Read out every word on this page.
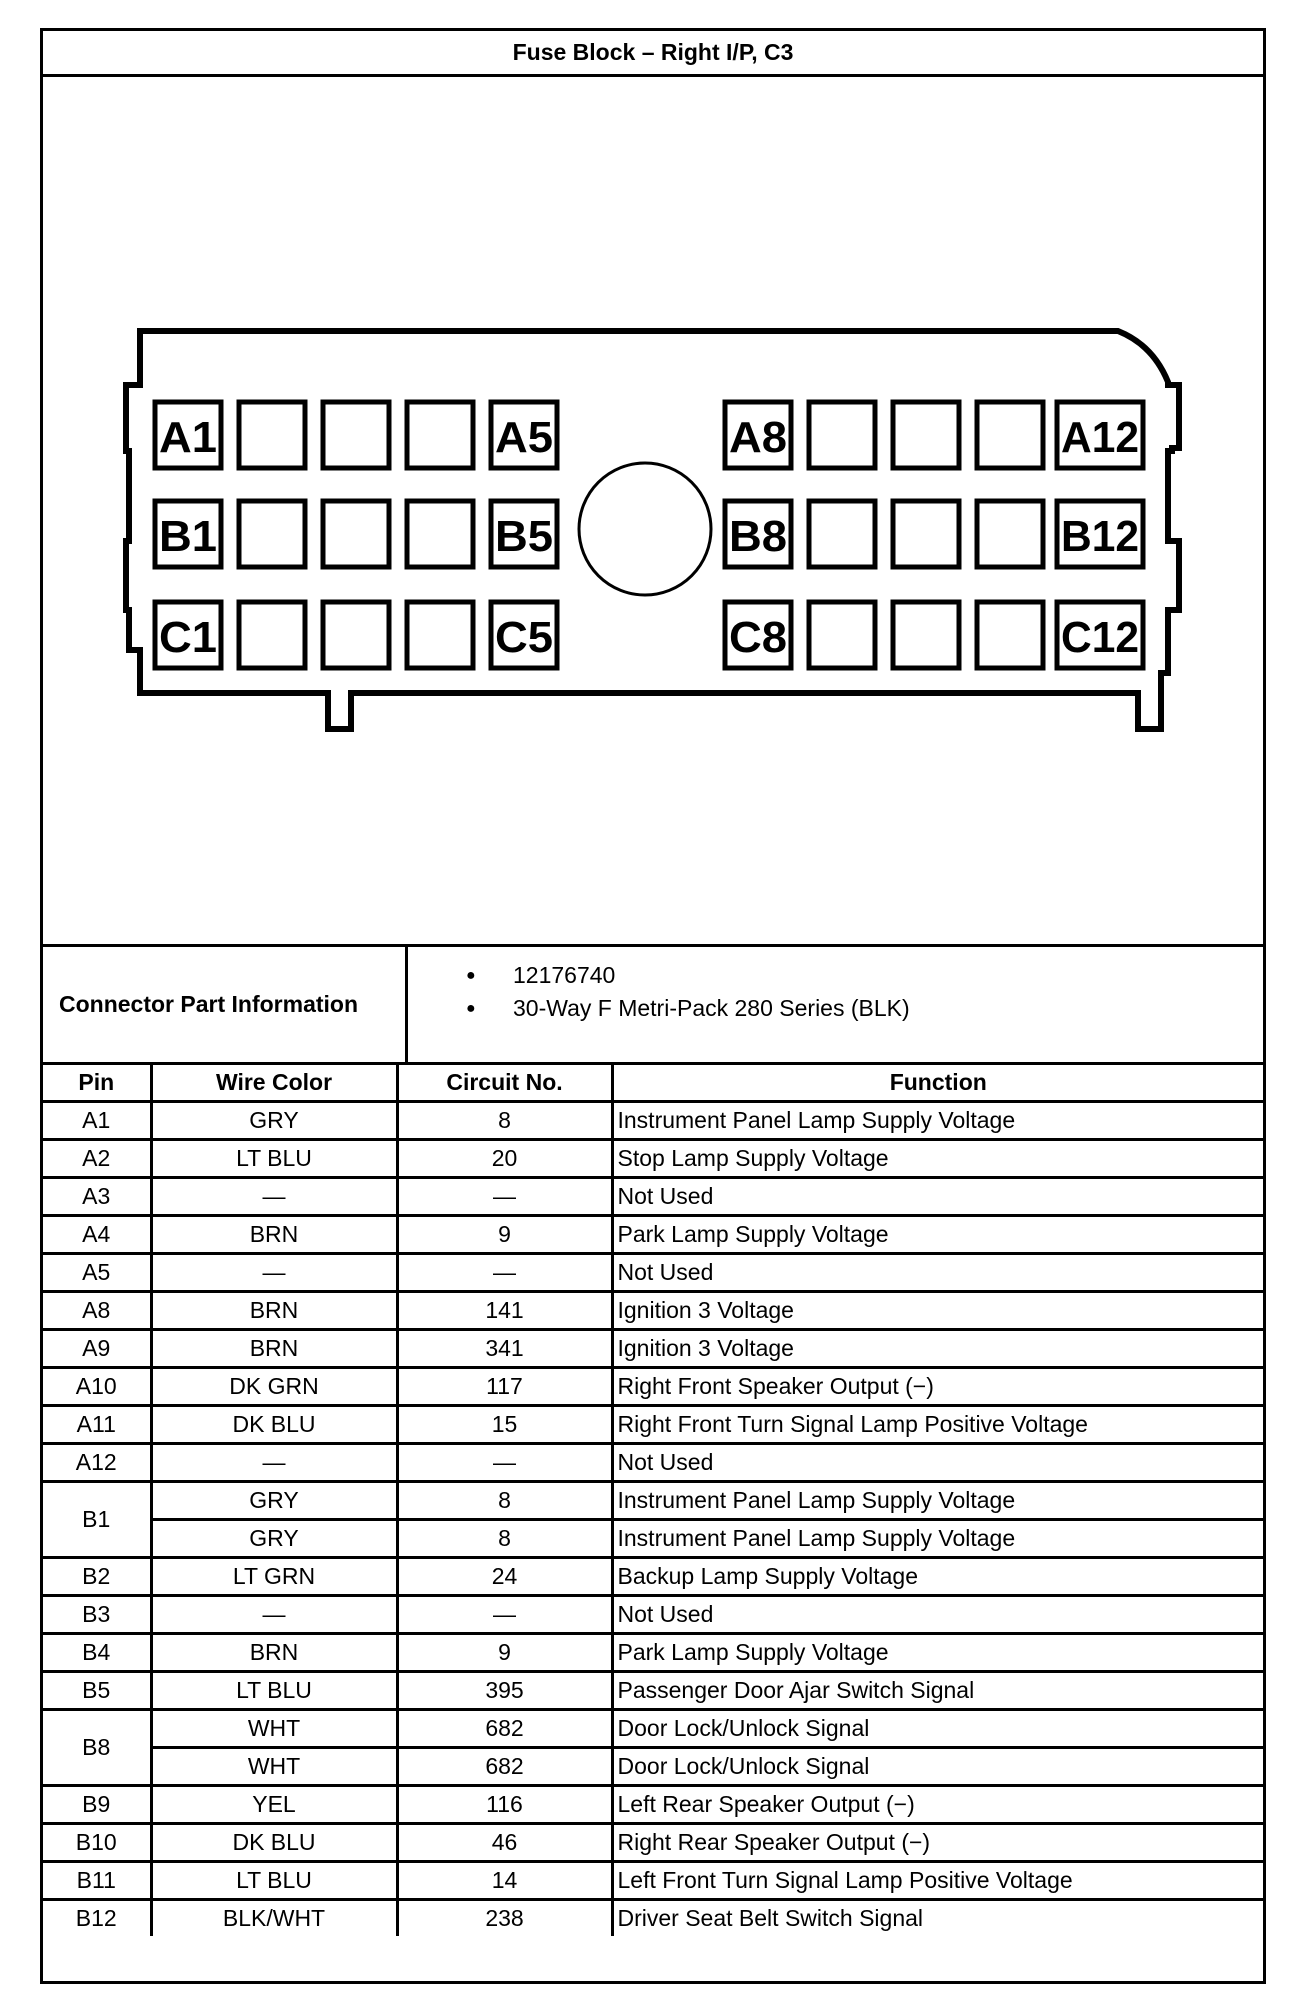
Fuse Block – Right I/P, C3
A1	A5	A8	A12
B1	B5	B8	B12
C1	C5	C8	C12
Connector Part Information
● 12176740
● 30-Way F Metri-Pack 280 Series (BLK)
Pin	Wire Color	Circuit No.	Function
A1	GRY	8	Instrument Panel Lamp Supply Voltage
A2	LT BLU	20	Stop Lamp Supply Voltage
A3	—	—	Not Used
A4	BRN	9	Park Lamp Supply Voltage
A5	—	—	Not Used
A8	BRN	141	Ignition 3 Voltage
A9	BRN	341	Ignition 3 Voltage
A10	DK GRN	117	Right Front Speaker Output (−)
A11	DK BLU	15	Right Front Turn Signal Lamp Positive Voltage
A12	—	—	Not Used
B1	GRY	8	Instrument Panel Lamp Supply Voltage
	GRY	8	Instrument Panel Lamp Supply Voltage
B2	LT GRN	24	Backup Lamp Supply Voltage
B3	—	—	Not Used
B4	BRN	9	Park Lamp Supply Voltage
B5	LT BLU	395	Passenger Door Ajar Switch Signal
B8	WHT	682	Door Lock/Unlock Signal
	WHT	682	Door Lock/Unlock Signal
B9	YEL	116	Left Rear Speaker Output (−)
B10	DK BLU	46	Right Rear Speaker Output (−)
B11	LT BLU	14	Left Front Turn Signal Lamp Positive Voltage
B12	BLK/WHT	238	Driver Seat Belt Switch Signal
